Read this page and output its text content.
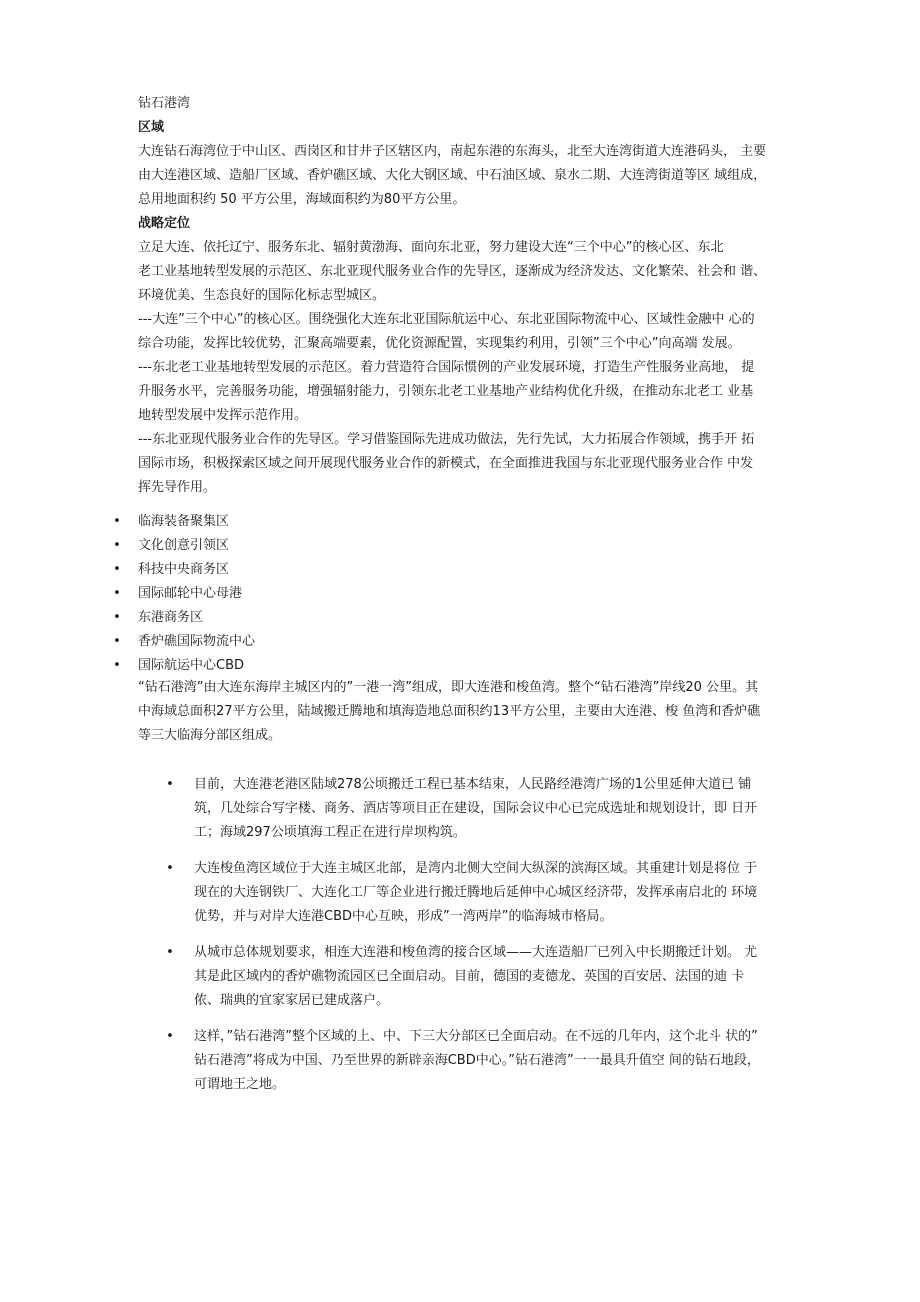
钻石港湾
区域
大连钻石海湾位于中山区、西岗区和甘井子区辖区内，南起东港的东海头，北至大连湾街道大连港码头， 主要
由大连港区域、造船厂区域、香炉礁区域、大化大钢区域、中石油区域、泉水二期、大连湾街道等区 域组成，
总用地面积约 50 平方公里，海域面积约为80平方公里。
战略定位
立足大连、依托辽宁、服务东北、辐射黄渤海、面向东北亚，努力建设大连“三个中心”的核心区、东北
老工业基地转型发展的示范区、东北亚现代服务业合作的先导区，逐渐成为经济发达、文化繁荣、社会和 谐、
环境优美、生态良好的国际化标志型城区。
---大连”三个中心”的核心区。围绕强化大连东北亚国际航运中心、东北亚国际物流中心、区域性金融中 心的
综合功能，发挥比较优势，汇聚高端要素，优化资源配置，实现集约利用，引领”三个中心”向高端 发展。
---东北老工业基地转型发展的示范区。着力营造符合国际惯例的产业发展环境，打造生产性服务业高地， 提
升服务水平，完善服务功能，增强辐射能力，引领东北老工业基地产业结构优化升级，在推动东北老工 业基
地转型发展中发挥示范作用。
---东北亚现代服务业合作的先导区。学习借鉴国际先进成功做法，先行先试，大力拓展合作领域，携手开 拓
国际市场，积极探索区域之间开展现代服务业合作的新模式，在全面推进我国与东北亚现代服务业合作 中发
挥先导作用。
• 临海装备聚集区
• 文化创意引领区
• 科技中央商务区
• 国际邮轮中心母港
• 东港商务区
• 香炉礁国际物流中心
• 国际航运中心CBD
“钻石港湾”由大连东海岸主城区内的”一港一湾”组成，即大连港和梭鱼湾。整个“钻石港湾”岸线20 公里。其
中海域总面积27平方公里，陆域搬迁腾地和填海造地总面积约13平方公里，主要由大连港、梭 鱼湾和香炉礁
等三大临海分部区组成。
• 目前，大连港老港区陆域278公顷搬迁工程已基本结束，人民路经港湾广场的1公里延伸大道已 铺
筑，几处综合写字楼、商务、酒店等项目正在建设，国际会议中心已完成选址和规划设计，即 日开
工；海域297公顷填海工程正在进行岸坝构筑。
• 大连梭鱼湾区域位于大连主城区北部，是湾内北侧大空间大纵深的滨海区域。其重建计划是将位 于
现在的大连钢铁厂、大连化工厂等企业进行搬迁腾地后延伸中心城区经济带，发挥承南启北的 环境
优势，并与对岸大连港CBD中心互映，形成”一湾两岸”的临海城市格局。
• 从城市总体规划要求，相连大连港和梭鱼湾的接合区域——大连造船厂已列入中长期搬迁计划。 尤
其是此区域内的香炉礁物流园区已全面启动。目前，德国的麦德龙、英国的百安居、法国的迪 卡
侬、瑞典的宜家家居已建成落户。
• 这样，”钻石港湾”整个区域的上、中、下三大分部区已全面启动。在不远的几年内，这个北斗 状的”
钻石港湾”将成为中国、乃至世界的新辟亲海CBD中心。”钻石港湾”一一最具升值空 间的钻石地段，
可谓地王之地。
